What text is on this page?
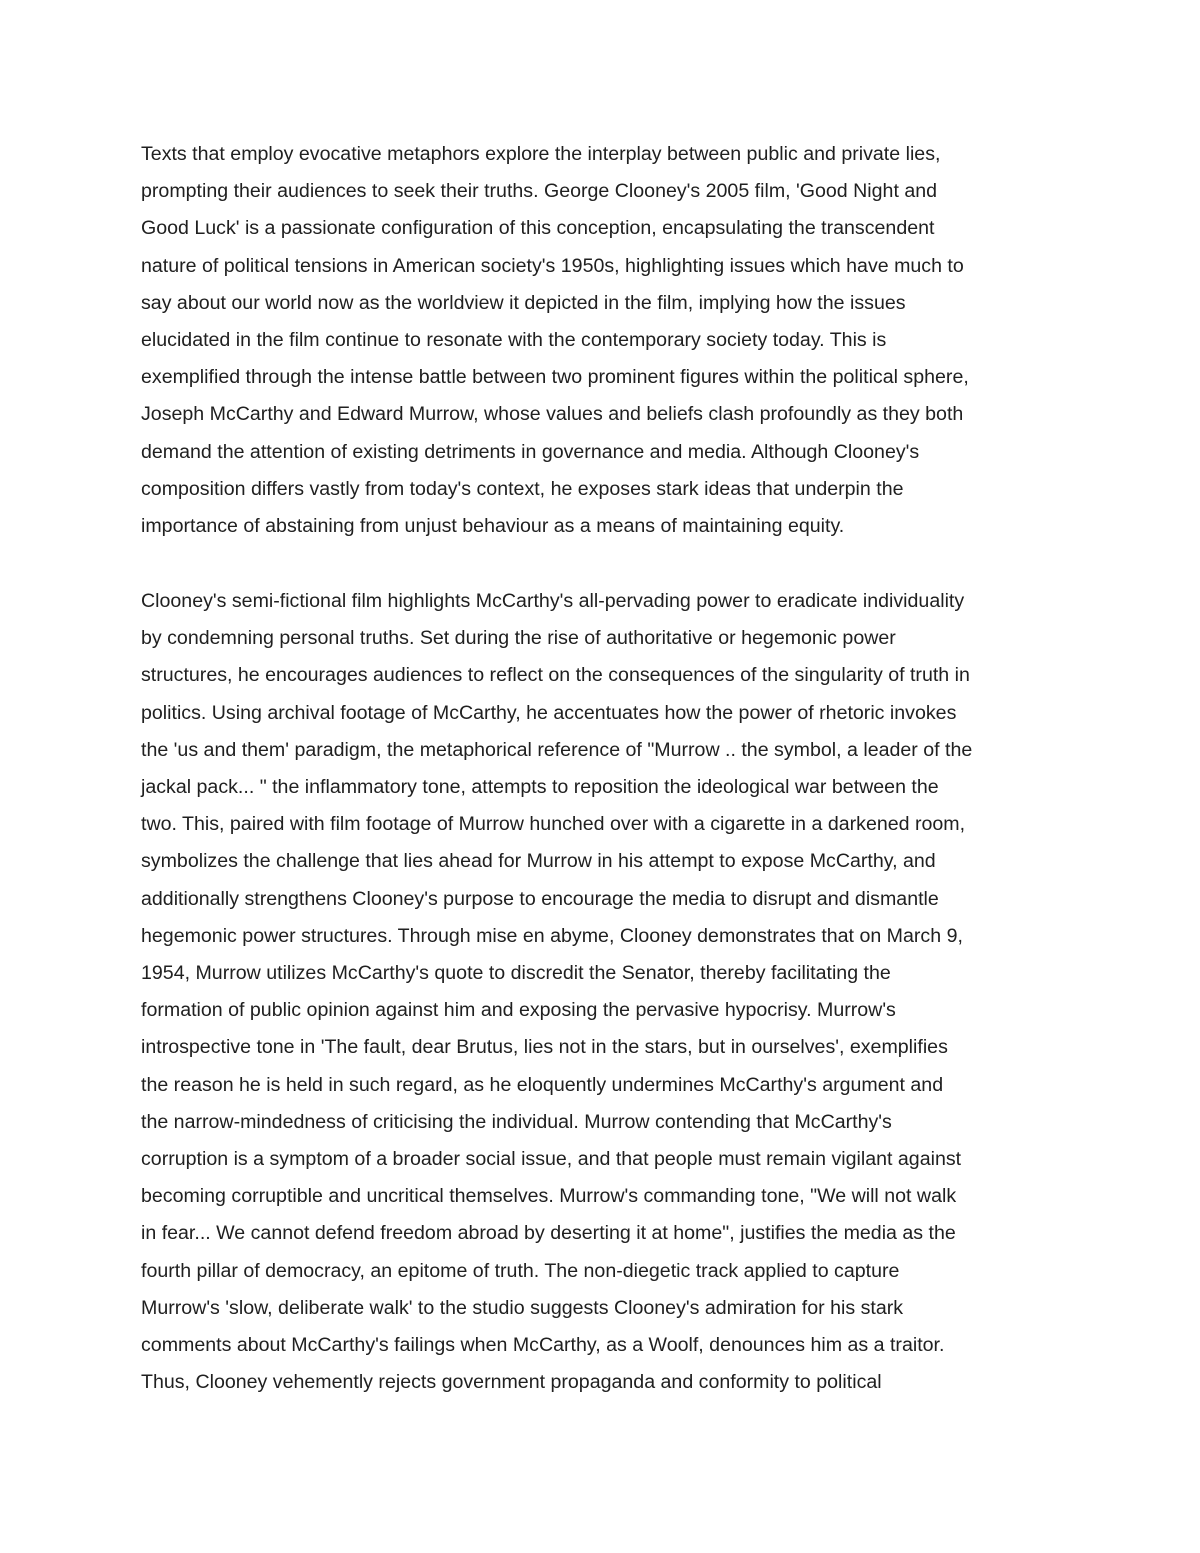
Texts that employ evocative metaphors explore the interplay between public and private lies,
prompting their audiences to seek their truths. George Clooney's 2005 film, 'Good Night and
Good Luck' is a passionate configuration of this conception, encapsulating the transcendent
nature of political tensions in American society's 1950s, highlighting issues which have much to
say about our world now as the worldview it depicted in the film, implying how the issues
elucidated in the film continue to resonate with the contemporary society today. This is
exemplified through the intense battle between two prominent figures within the political sphere,
Joseph McCarthy and Edward Murrow, whose values and beliefs clash profoundly as they both
demand the attention of existing detriments in governance and media. Although Clooney's
composition differs vastly from today's context, he exposes stark ideas that underpin the
importance of abstaining from unjust behaviour as a means of maintaining equity.

Clooney's semi-fictional film highlights McCarthy's all-pervading power to eradicate individuality
by condemning personal truths. Set during the rise of authoritative or hegemonic power
structures, he encourages audiences to reflect on the consequences of the singularity of truth in
politics. Using archival footage of McCarthy, he accentuates how the power of rhetoric invokes
the 'us and them' paradigm, the metaphorical reference of "Murrow .. the symbol, a leader of the
jackal pack... " the inflammatory tone, attempts to reposition the ideological war between the
two. This, paired with film footage of Murrow hunched over with a cigarette in a darkened room,
symbolizes the challenge that lies ahead for Murrow in his attempt to expose McCarthy, and
additionally strengthens Clooney's purpose to encourage the media to disrupt and dismantle
hegemonic power structures. Through mise en abyme, Clooney demonstrates that on March 9,
1954, Murrow utilizes McCarthy's quote to discredit the Senator, thereby facilitating the
formation of public opinion against him and exposing the pervasive hypocrisy. Murrow's
introspective tone in 'The fault, dear Brutus, lies not in the stars, but in ourselves', exemplifies
the reason he is held in such regard, as he eloquently undermines McCarthy's argument and
the narrow-mindedness of criticising the individual. Murrow contending that McCarthy's
corruption is a symptom of a broader social issue, and that people must remain vigilant against
becoming corruptible and uncritical themselves. Murrow's commanding tone, "We will not walk
in fear... We cannot defend freedom abroad by deserting it at home", justifies the media as the
fourth pillar of democracy, an epitome of truth. The non-diegetic track applied to capture
Murrow's 'slow, deliberate walk' to the studio suggests Clooney's admiration for his stark
comments about McCarthy's failings when McCarthy, as a Woolf, denounces him as a traitor.
Thus, Clooney vehemently rejects government propaganda and conformity to political
